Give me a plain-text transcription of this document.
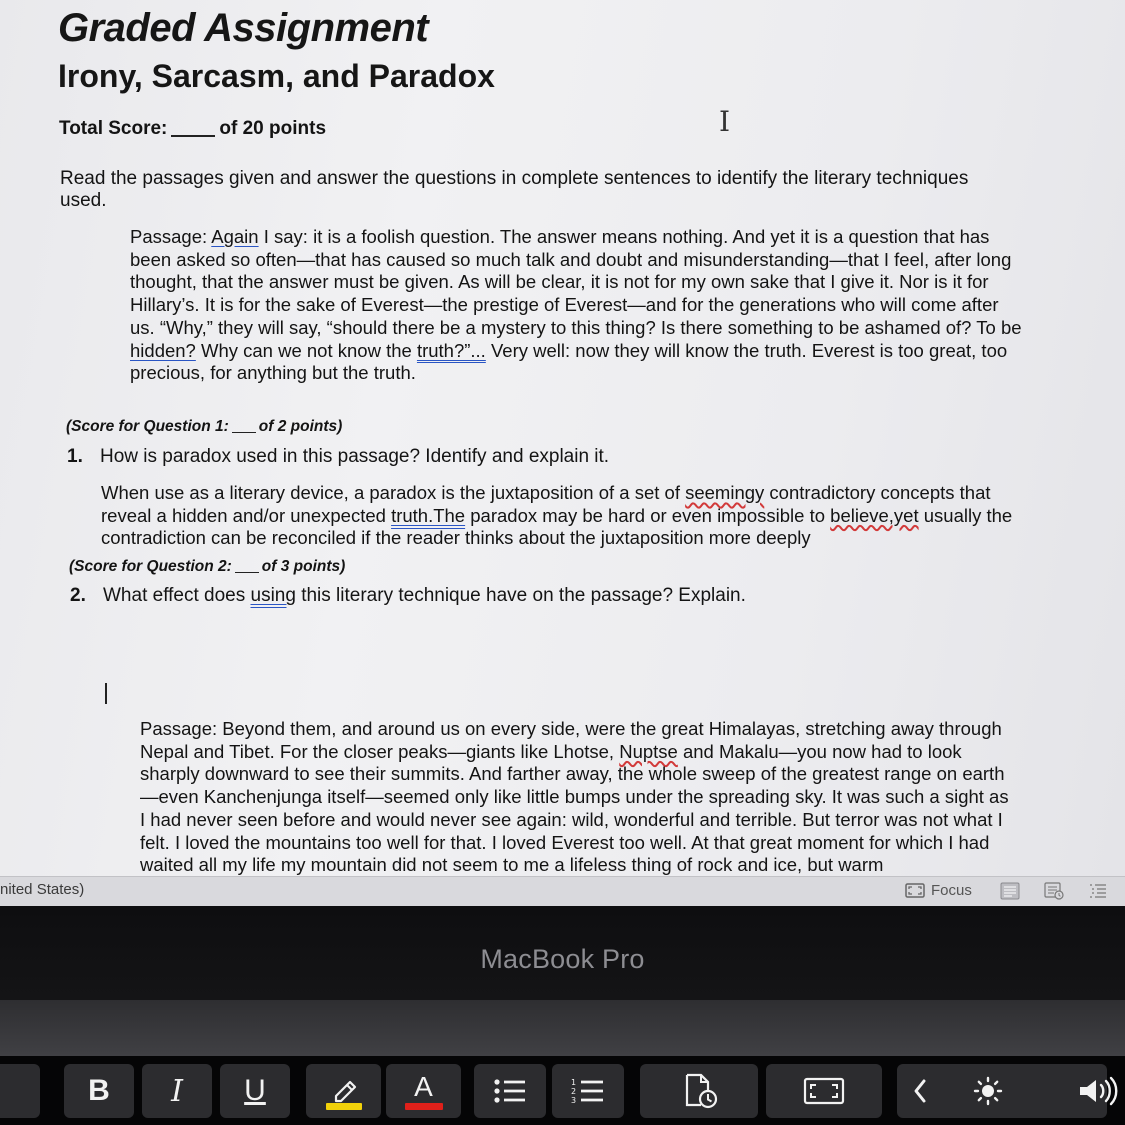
Graded Assignment
Irony, Sarcasm, and Paradox
Total Score:	of 20 points	I
Read the passages given and answer the questions in complete sentences to identify the literary techniques used.
Passage: Again I say: it is a foolish question. The answer means nothing. And yet it is a question that has been asked so often—that has caused so much talk and doubt and misunderstanding—that I feel, after long thought, that the answer must be given. As will be clear, it is not for my own sake that I give it. Nor is it for Hillary’s. It is for the sake of Everest—the prestige of Everest—and for the generations who will come after us. “Why,” they will say, “should there be a mystery to this thing? Is there something to be ashamed of? To be hidden? Why can we not know the truth?”... Very well: now they will know the truth. Everest is too great, too precious, for anything but the truth.
(Score for Question 1: of 2 points)
1. How is paradox used in this passage? Identify and explain it.
When use as a literary device, a paradox is the juxtaposition of a set of seemingy contradictory concepts that reveal a hidden and/or unexpected truth.The paradox may be hard or even impossible to believe,yet usually the contradiction can be reconciled if the reader thinks about the juxtaposition more deeply
(Score for Question 2: of 3 points)
2. What effect does using this literary technique have on the passage? Explain.
Passage: Beyond them, and around us on every side, were the great Himalayas, stretching away through Nepal and Tibet. For the closer peaks—giants like Lhotse, Nuptse and Makalu—you now had to look sharply downward to see their summits. And farther away, the whole sweep of the greatest range on earth—even Kanchenjunga itself—seemed only like little bumps under the spreading sky. It was such a sight as I had never seen before and would never see again: wild, wonderful and terrible. But terror was not what I felt. I loved the mountains too well for that. I loved Everest too well. At that great moment for which I had waited all my life my mountain did not seem to me a lifeless thing of rock and ice, but warm
nited States)	Focus
MacBook Pro
B I U	A	1
2
3
